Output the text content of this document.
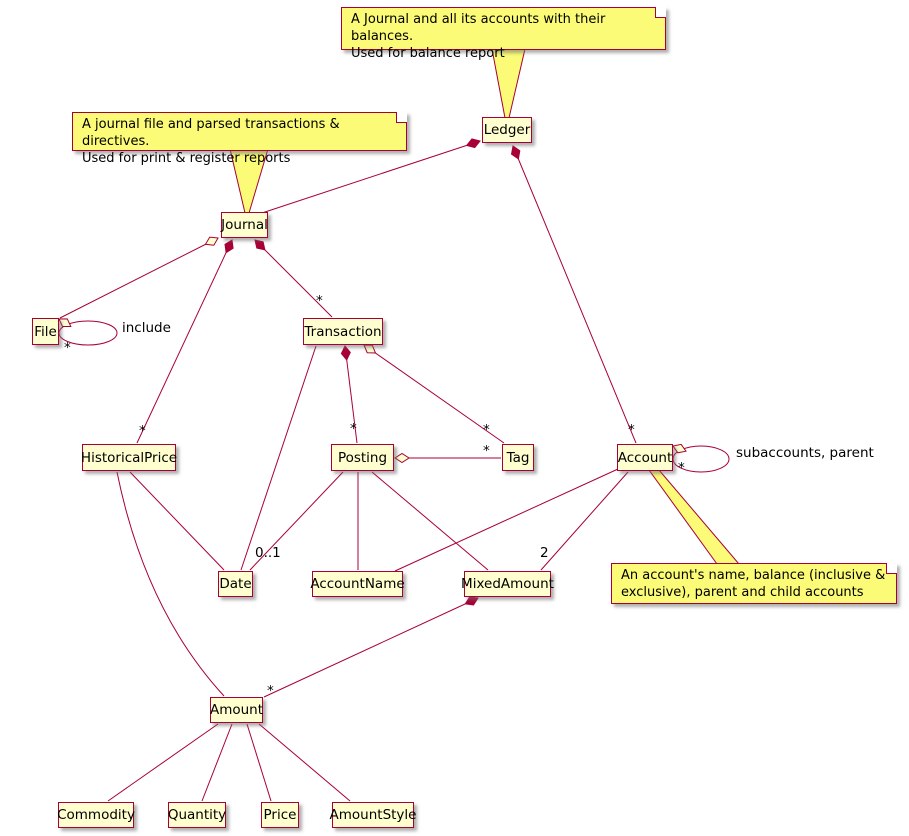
Ledger
Journal
File	Transaction
HistoricalPrice	Posting	Tag	Account
Date	AccountName	MixedAmount
Amount
Commodity Quantity	Price AmountStyle
A Journal and all its accounts with their balances.
Used for balance report
A journal file and parsed transactions & directives.
Used for print & register reports
An account's name, balance (inclusive &
exclusive), parent and child accounts
*
*
*
*	*
*
0..1	2
*
include
*
subaccounts, parent
*
